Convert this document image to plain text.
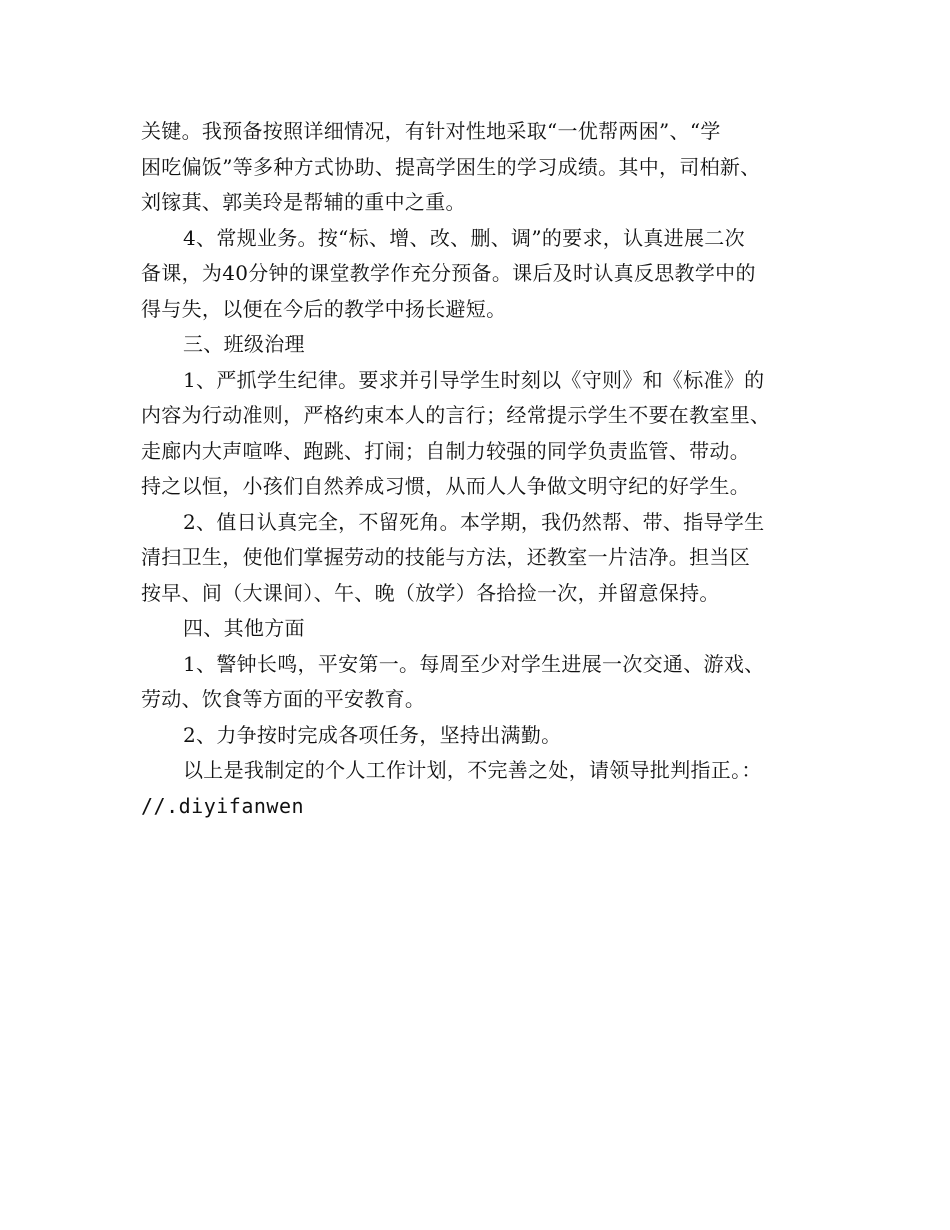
关键。我预备按照详细情况，有针对性地采取“一优帮两困”、“学
困吃偏饭”等多种方式协助、提高学困生的学习成绩。其中，司柏新、
刘镓萁、郭美玲是帮辅的重中之重。
4、常规业务。按“标、增、改、删、调”的要求，认真进展二次
备课，为40分钟的课堂教学作充分预备。课后及时认真反思教学中的
得与失，以便在今后的教学中扬长避短。
三、班级治理
1、严抓学生纪律。要求并引导学生时刻以《守则》和《标准》的
内容为行动准则，严格约束本人的言行；经常提示学生不要在教室里、
走廊内大声喧哗、跑跳、打闹；自制力较强的同学负责监管、带动。
持之以恒，小孩们自然养成习惯，从而人人争做文明守纪的好学生。
2、值日认真完全，不留死角。本学期，我仍然帮、带、指导学生
清扫卫生，使他们掌握劳动的技能与方法，还教室一片洁净。担当区
按早、间（大课间）、午、晚（放学）各拾捡一次，并留意保持。
四、其他方面
1、警钟长鸣，平安第一。每周至少对学生进展一次交通、游戏、
劳动、饮食等方面的平安教育。
2、力争按时完成各项任务，坚持出满勤。
以上是我制定的个人工作计划，不完善之处，请领导批判指正。：
//.diyifanwen
